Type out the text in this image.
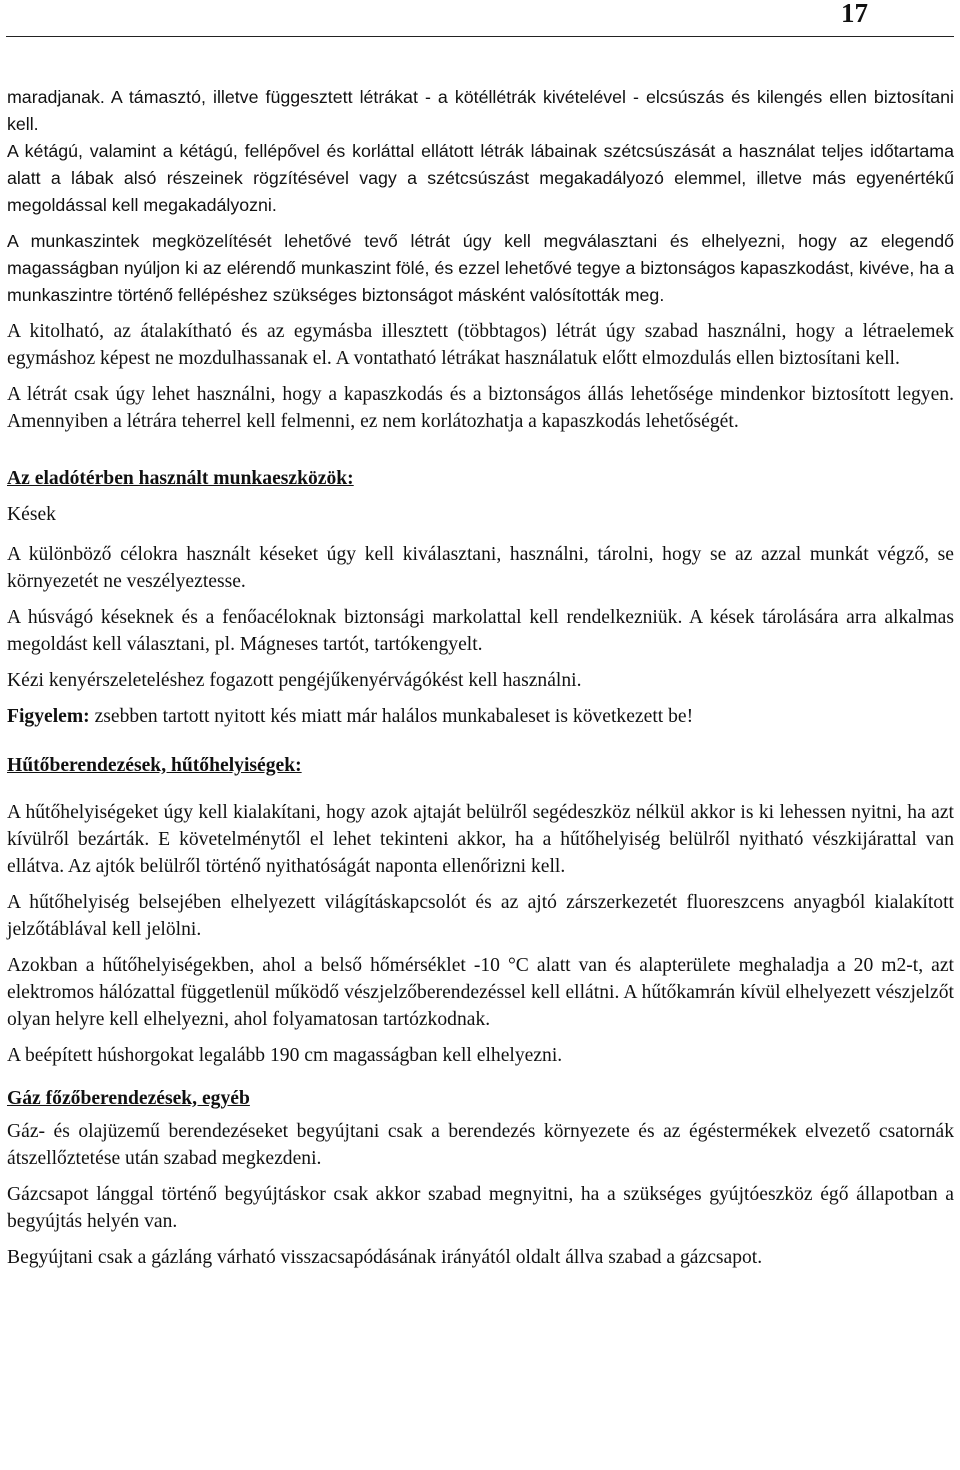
17

maradjanak. A támasztó, illetve függesztett létrákat - a kötéllétrák kivételével - elcsúszás és kilengés ellen biztosítani kell.

A kétágú, valamint a kétágú, fellépővel és korláttal ellátott létrák lábainak szétcsúszását a használat teljes időtartama alatt a lábak alsó részeinek rögzítésével vagy a szétcsúszást megakadályozó elemmel, illetve más egyenértékű megoldással kell megakadályozni.

A munkaszintek megközelítését lehetővé tevő létrát úgy kell megválasztani és elhelyezni, hogy az elegendő magasságban nyúljon ki az elérendő munkaszint fölé, és ezzel lehetővé tegye a biztonságos kapaszkodást, kivéve, ha a munkaszintre történő fellépéshez szükséges biztonságot másként valósították meg.

A kitolható, az átalakítható és az egymásba illesztett (többtagos) létrát úgy szabad használni, hogy a létraelemek egymáshoz képest ne mozdulhassanak el. A vontatható létrákat használatuk előtt elmozdulás ellen biztosítani kell.

A létrát csak úgy lehet használni, hogy a kapaszkodás és a biztonságos állás lehetősége mindenkor biztosított legyen. Amennyiben a létrára teherrel kell felmenni, ez nem korlátozhatja a kapaszkodás lehetőségét.

Az eladótérben használt munkaeszközök:
Kések

A különböző célokra használt késeket úgy kell kiválasztani, használni, tárolni, hogy se az azzal munkát végző, se környezetét ne veszélyeztesse.

A húsvágó késeknek és a fenőacéloknak biztonsági markolattal kell rendelkezniük. A kések tárolására arra alkalmas megoldást kell választani, pl. Mágneses tartót, tartókengyelt.

Kézi kenyérszeleteléshez fogazott pengéjűkenyérvágókést kell használni.

Figyelem: zsebben tartott nyitott kés miatt már halálos munkabaleset is következett be!

Hűtőberendezések, hűtőhelyiségek:

A hűtőhelyiségeket úgy kell kialakítani, hogy azok ajtaját belülről segédeszköz nélkül akkor is ki lehessen nyitni, ha azt kívülről bezárták. E követelménytől el lehet tekinteni akkor, ha a hűtőhelyiség belülről nyitható vészkijárattal van ellátva. Az ajtók belülről történő nyithatóságát naponta ellenőrizni kell.

A hűtőhelyiség belsejében elhelyezett világításkapcsolót és az ajtó zárszerkezetét fluoreszcens anyagból kialakított jelzőtáblával kell jelölni.

Azokban a hűtőhelyiségekben, ahol a belső hőmérséklet -10 °C alatt van és alapterülete meghaladja a 20 m2-t, azt elektromos hálózattal függetlenül működő vészjelzőberendezéssel kell ellátni. A hűtőkamrán kívül elhelyezett vészjelzőt olyan helyre kell elhelyezni, ahol folyamatosan tartózkodnak.

A beépített húshorgokat legalább 190 cm magasságban kell elhelyezni.

Gáz főzőberendezések, egyéb

Gáz- és olajüzemű berendezéseket begyújtani csak a berendezés környezete és az égéstermékek elvezető csatornák átszellőztetése után szabad megkezdeni.

Gázcsapot lánggal történő begyújtáskor csak akkor szabad megnyitni, ha a szükséges gyújtóeszköz égő állapotban a begyújtás helyén van.

Begyújtani csak a gázláng várható visszacsapódásának irányától oldalt állva szabad a gázcsapot.
